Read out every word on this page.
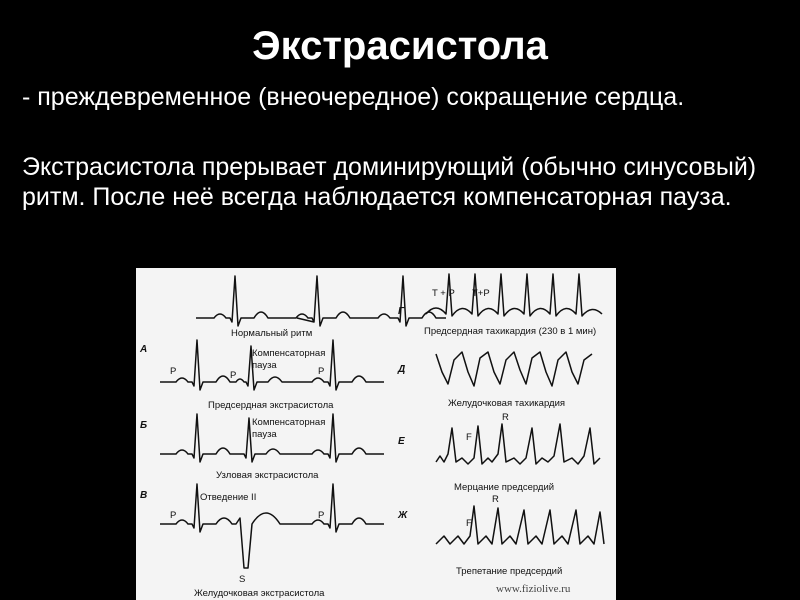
Экстрасистола

- преждевременное (внеочередное) сокращение сердца.

Экстрасистола прерывает доминирующий (обычно синусовый) ритм. После неё всегда наблюдается компенсаторная пауза.

Нормальный ритм
А	Компенсаторная
пауза
P	P	P
Предсердная экстрасистола
Б	Компенсаторная
пауза
Узловая экстрасистола
В	Отведение II
P	P
S
Желудочковая экстрасистола
Г
T + P T+P
Предсердная тахикардия (230 в 1 мин)
Д
Желудочковая тахикардия
Е	F
R
Мерцание предсердий
Ж
F
R
Трепетание предсердий
www.fiziolive.ru
